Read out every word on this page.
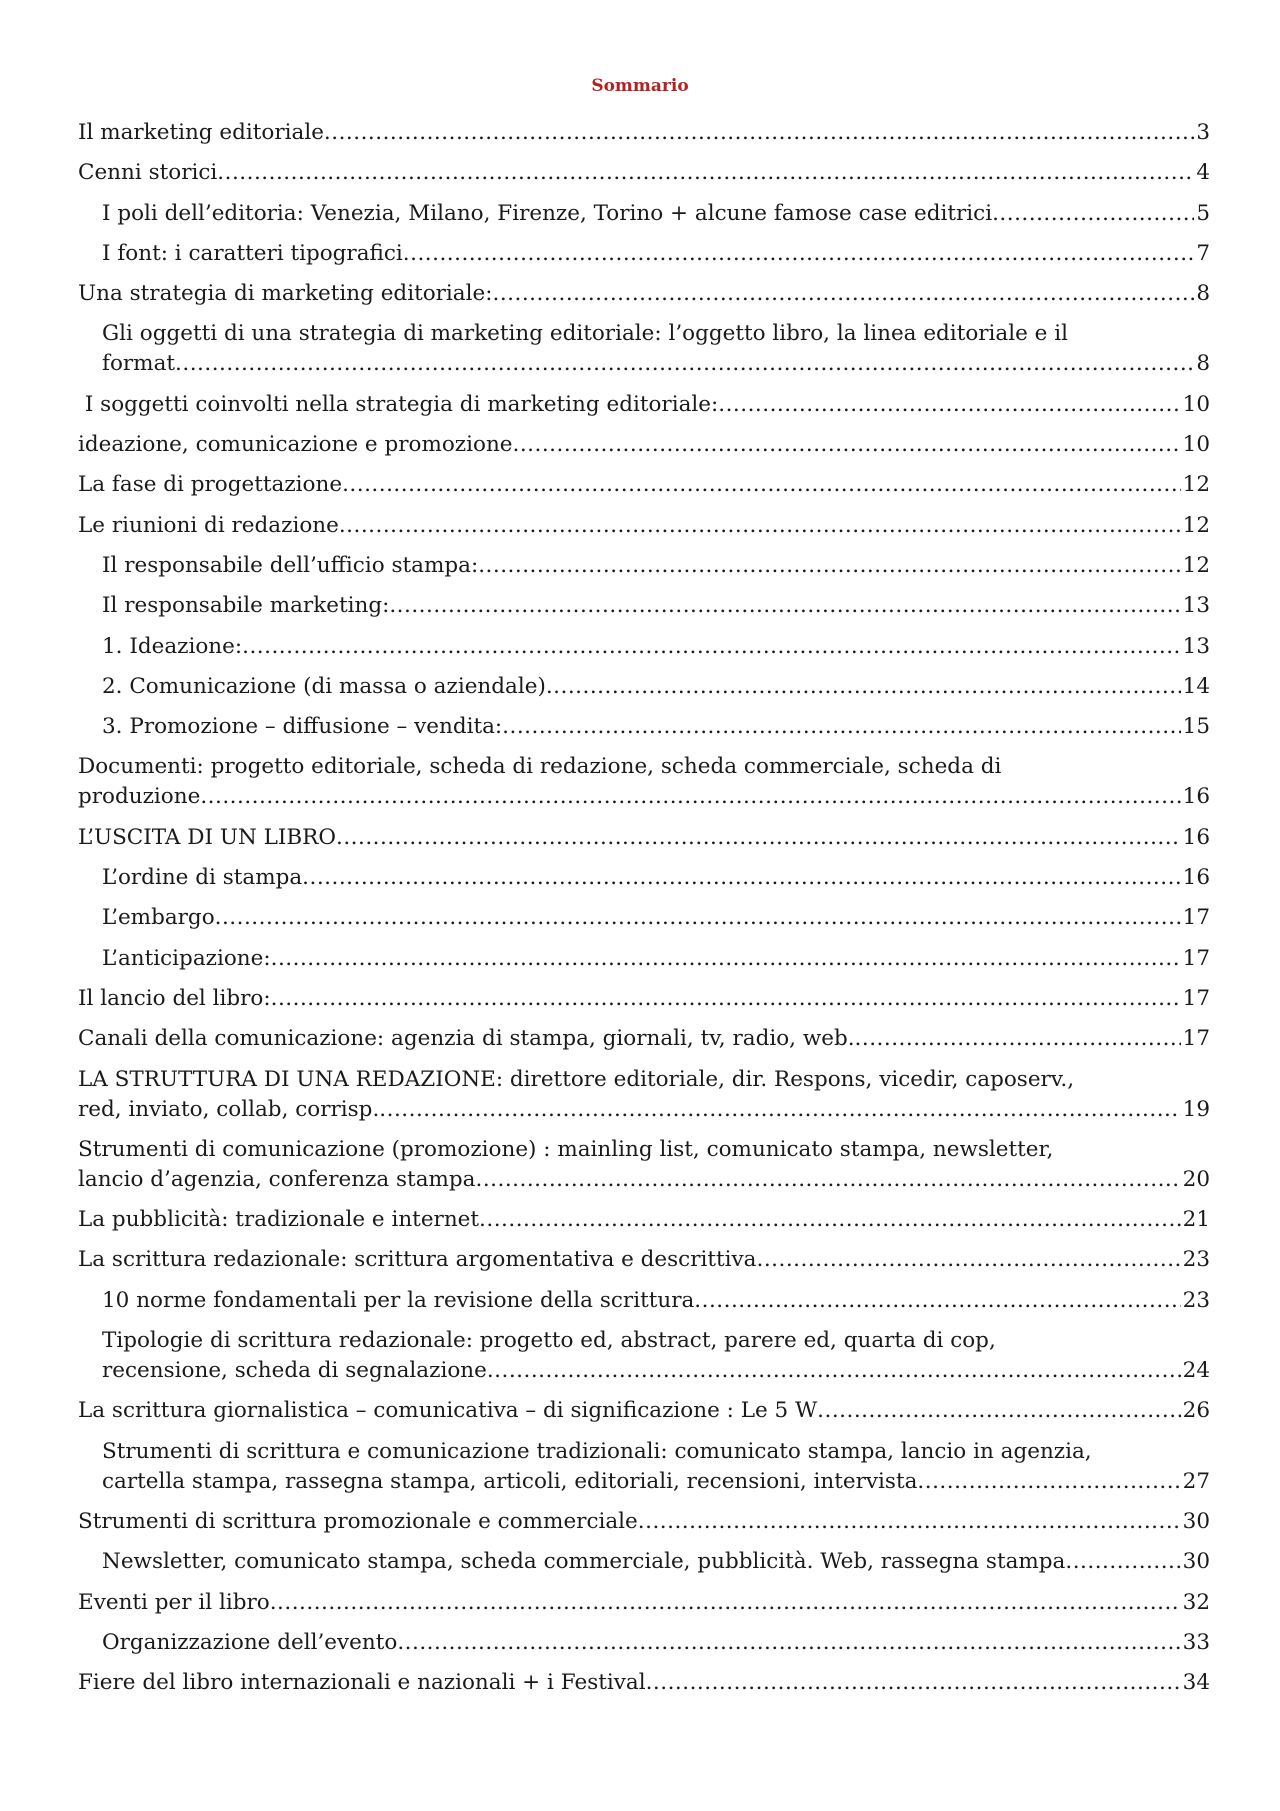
Sommario
Il marketing editoriale .....	3
Cenni storici .....	4
I poli dell’editoria: Venezia, Milano, Firenze, Torino + alcune famose case editrici .....	5
I font: i caratteri tipografici .....	7
Una strategia di marketing editoriale: .....	8
Gli oggetti di una strategia di marketing editoriale: l’oggetto libro, la linea editoriale e il
format .....	8
I soggetti coinvolti nella strategia di marketing editoriale: .....	10
ideazione, comunicazione e promozione .....	10
La fase di progettazione .....	12
Le riunioni di redazione .....	12
Il responsabile dell’ufficio stampa: .....	12
Il responsabile marketing: .....	13
1. Ideazione: .....	13
2. Comunicazione (di massa o aziendale) .....	14
3. Promozione – diffusione – vendita: .....	15
Documenti: progetto editoriale, scheda di redazione, scheda commerciale, scheda di
produzione .....	16
L’USCITA DI UN LIBRO .....	16
L’ordine di stampa .....	16
L’embargo .....	17
L’anticipazione: .....	17
Il lancio del libro: .....	17
Canali della comunicazione: agenzia di stampa, giornali, tv, radio, web. .....	17
LA STRUTTURA DI UNA REDAZIONE: direttore editoriale, dir. Respons, vicedir, caposerv.,
red, inviato, collab, corrisp. .....	19
Strumenti di comunicazione (promozione) : mainling list, comunicato stampa, newsletter,
lancio d’agenzia, conferenza stampa .....	20
La pubblicità: tradizionale e internet .....	21
La scrittura redazionale: scrittura argomentativa e descrittiva .....	23
10 norme fondamentali per la revisione della scrittura .....	23
Tipologie di scrittura redazionale: progetto ed, abstract, parere ed, quarta di cop,
recensione, scheda di segnalazione .....	24
La scrittura giornalistica – comunicativa – di significazione : Le 5 W .....	26
Strumenti di scrittura e comunicazione tradizionali: comunicato stampa, lancio in agenzia,
cartella stampa, rassegna stampa, articoli, editoriali, recensioni, intervista .....	27
Strumenti di scrittura promozionale e commerciale .....	30
Newsletter, comunicato stampa, scheda commerciale, pubblicità. Web, rassegna stampa .....	30
Eventi per il libro .....	32
Organizzazione dell’evento .....	33
Fiere del libro internazionali e nazionali + i Festival .....	34
